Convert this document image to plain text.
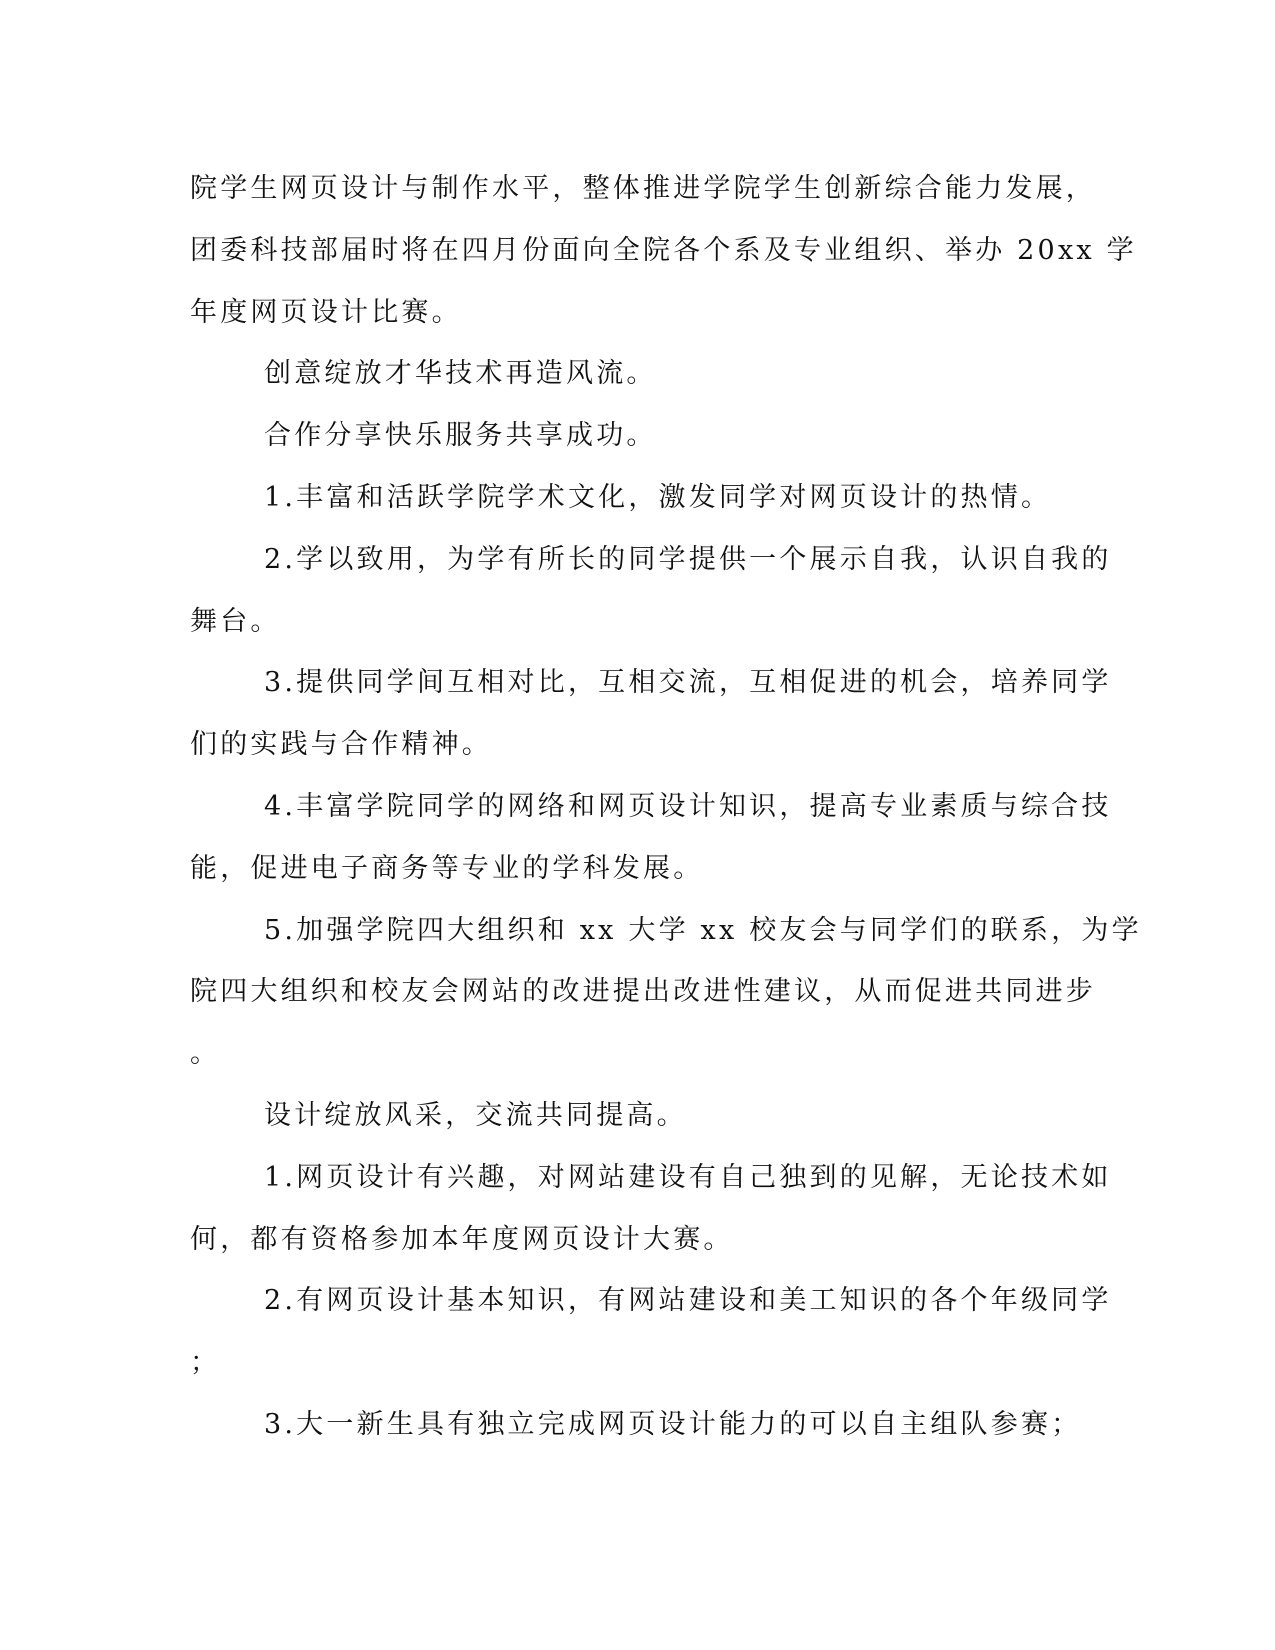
院学生网页设计与制作水平，整体推进学院学生创新综合能力发展，

团委科技部届时将在四月份面向全院各个系及专业组织、举办 20xx 学

年度网页设计比赛。

创意绽放才华技术再造风流。

合作分享快乐服务共享成功。

1.丰富和活跃学院学术文化，激发同学对网页设计的热情。

2.学以致用，为学有所长的同学提供一个展示自我，认识自我的

舞台。

3.提供同学间互相对比，互相交流，互相促进的机会，培养同学

们的实践与合作精神。

4.丰富学院同学的网络和网页设计知识，提高专业素质与综合技

能，促进电子商务等专业的学科发展。

5.加强学院四大组织和 xx 大学 xx 校友会与同学们的联系，为学

院四大组织和校友会网站的改进提出改进性建议，从而促进共同进步

。

设计绽放风采，交流共同提高。

1.网页设计有兴趣，对网站建设有自己独到的见解，无论技术如

何，都有资格参加本年度网页设计大赛。

2.有网页设计基本知识，有网站建设和美工知识的各个年级同学

；

3.大一新生具有独立完成网页设计能力的可以自主组队参赛；
